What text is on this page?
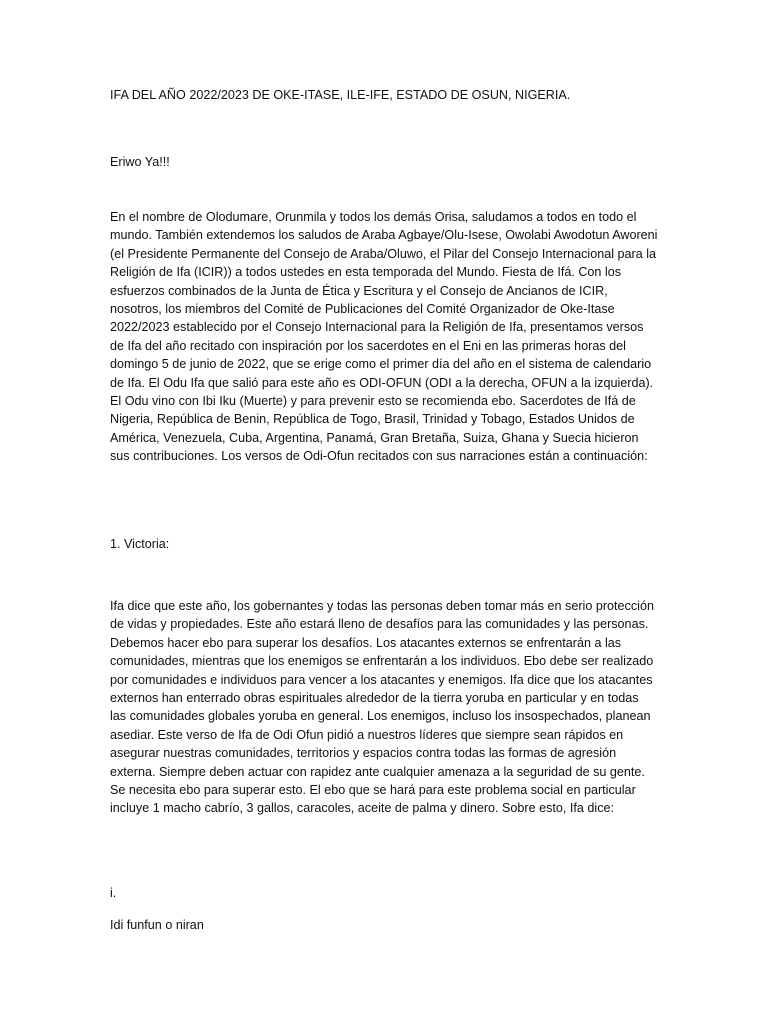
IFA DEL AÑO 2022/2023 DE OKE-ITASE, ILE-IFE, ESTADO DE OSUN, NIGERIA.

Eriwo Ya!!!

En el nombre de Olodumare, Orunmila y todos los demás Orisa, saludamos a todos en todo el mundo. También extendemos los saludos de Araba Agbaye/Olu-Isese, Owolabi Awodotun Aworeni (el Presidente Permanente del Consejo de Araba/Oluwo, el Pilar del Consejo Internacional para la Religión de Ifa (ICIR)) a todos ustedes en esta temporada del Mundo. Fiesta de Ifá. Con los esfuerzos combinados de la Junta de Ética y Escritura y el Consejo de Ancianos de ICIR, nosotros, los miembros del Comité de Publicaciones del Comité Organizador de Oke-Itase 2022/2023 establecido por el Consejo Internacional para la Religión de Ifa, presentamos versos de Ifa del año recitado con inspiración por los sacerdotes en el Eni en las primeras horas del domingo 5 de junio de 2022, que se erige como el primer día del año en el sistema de calendario de Ifa. El Odu Ifa que salió para este año es ODI-OFUN (ODI a la derecha, OFUN a la izquierda). El Odu vino con Ibi Iku (Muerte) y para prevenir esto se recomienda ebo. Sacerdotes de Ifá de Nigeria, República de Benin, República de Togo, Brasil, Trinidad y Tobago, Estados Unidos de América, Venezuela, Cuba, Argentina, Panamá, Gran Bretaña, Suiza, Ghana y Suecia hicieron sus contribuciones. Los versos de Odi-Ofun recitados con sus narraciones están a continuación:

1. Victoria:

Ifa dice que este año, los gobernantes y todas las personas deben tomar más en serio protección de vidas y propiedades. Este año estará lleno de desafíos para las comunidades y las personas. Debemos hacer ebo para superar los desafíos. Los atacantes externos se enfrentarán a las comunidades, mientras que los enemigos se enfrentarán a los individuos. Ebo debe ser realizado por comunidades e individuos para vencer a los atacantes y enemigos. Ifa dice que los atacantes externos han enterrado obras espirituales alrededor de la tierra yoruba en particular y en todas las comunidades globales yoruba en general. Los enemigos, incluso los insospechados, planean asediar. Este verso de Ifa de Odi Ofun pidió a nuestros líderes que siempre sean rápidos en asegurar nuestras comunidades, territorios y espacios contra todas las formas de agresión externa. Siempre deben actuar con rapidez ante cualquier amenaza a la seguridad de su gente. Se necesita ebo para superar esto. El ebo que se hará para este problema social en particular incluye 1 macho cabrío, 3 gallos, caracoles, aceite de palma y dinero. Sobre esto, Ifa dice:

i.

Idi funfun o niran
